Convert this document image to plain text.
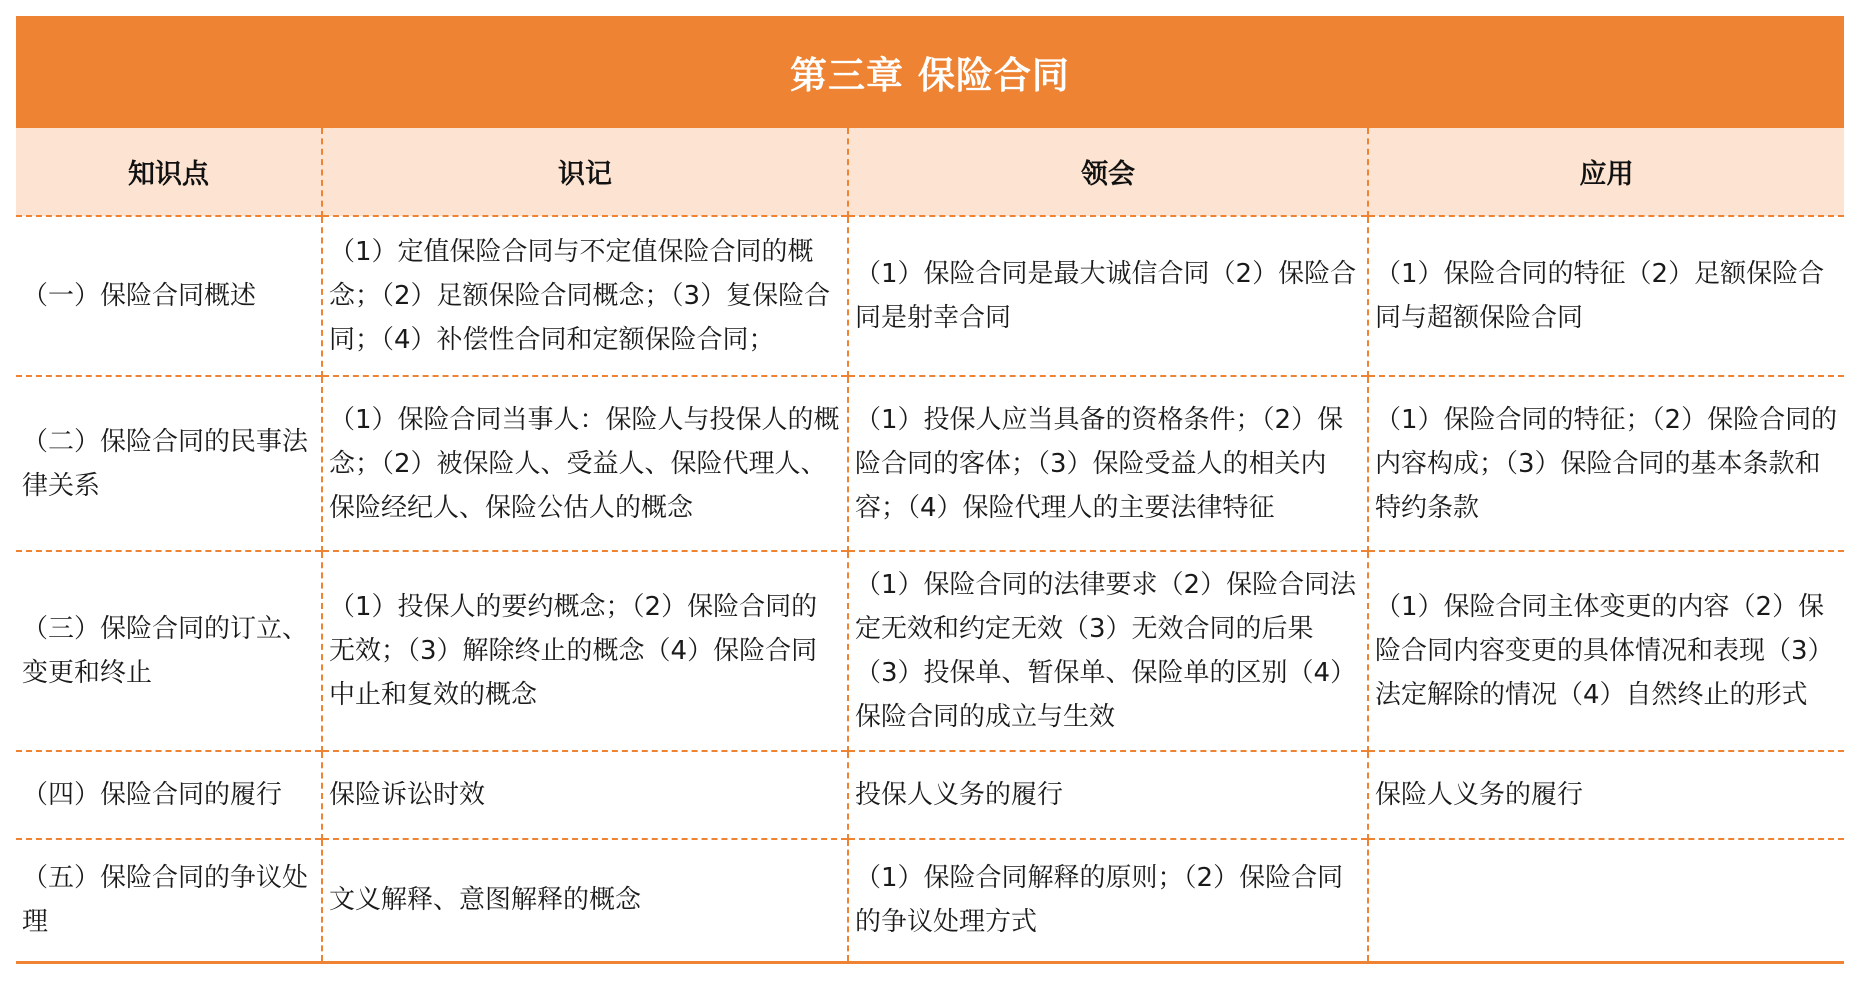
第三章 保险合同
知识点	识记	领会	应用
（一）保险合同概述	（1）定值保险合同与不定值保险合同的概念；（2）足额保险合同概念；（3）复保险合同；（4）补偿性合同和定额保险合同；	（1）保险合同是最大诚信合同（2）保险合同是射幸合同	（1）保险合同的特征（2）足额保险合同与超额保险合同
（二）保险合同的民事法律关系	（1）保险合同当事人：保险人与投保人的概念；（2）被保险人、受益人、保险代理人、保险经纪人、保险公估人的概念	（1）投保人应当具备的资格条件；（2）保险合同的客体；（3）保险受益人的相关内容；（4）保险代理人的主要法律特征	（1）保险合同的特征；（2）保险合同的内容构成；（3）保险合同的基本条款和特约条款
（三）保险合同的订立、变更和终止	（1）投保人的要约概念；（2）保险合同的无效；（3）解除终止的概念（4）保险合同中止和复效的概念	（1）保险合同的法律要求（2）保险合同法定无效和约定无效（3）无效合同的后果（3）投保单、暂保单、保险单的区别（4）保险合同的成立与生效	（1）保险合同主体变更的内容（2）保险合同内容变更的具体情况和表现（3）法定解除的情况（4）自然终止的形式
（四）保险合同的履行	保险诉讼时效	投保人义务的履行	保险人义务的履行
（五）保险合同的争议处理	文义解释、意图解释的概念	（1）保险合同解释的原则；（2）保险合同的争议处理方式	
